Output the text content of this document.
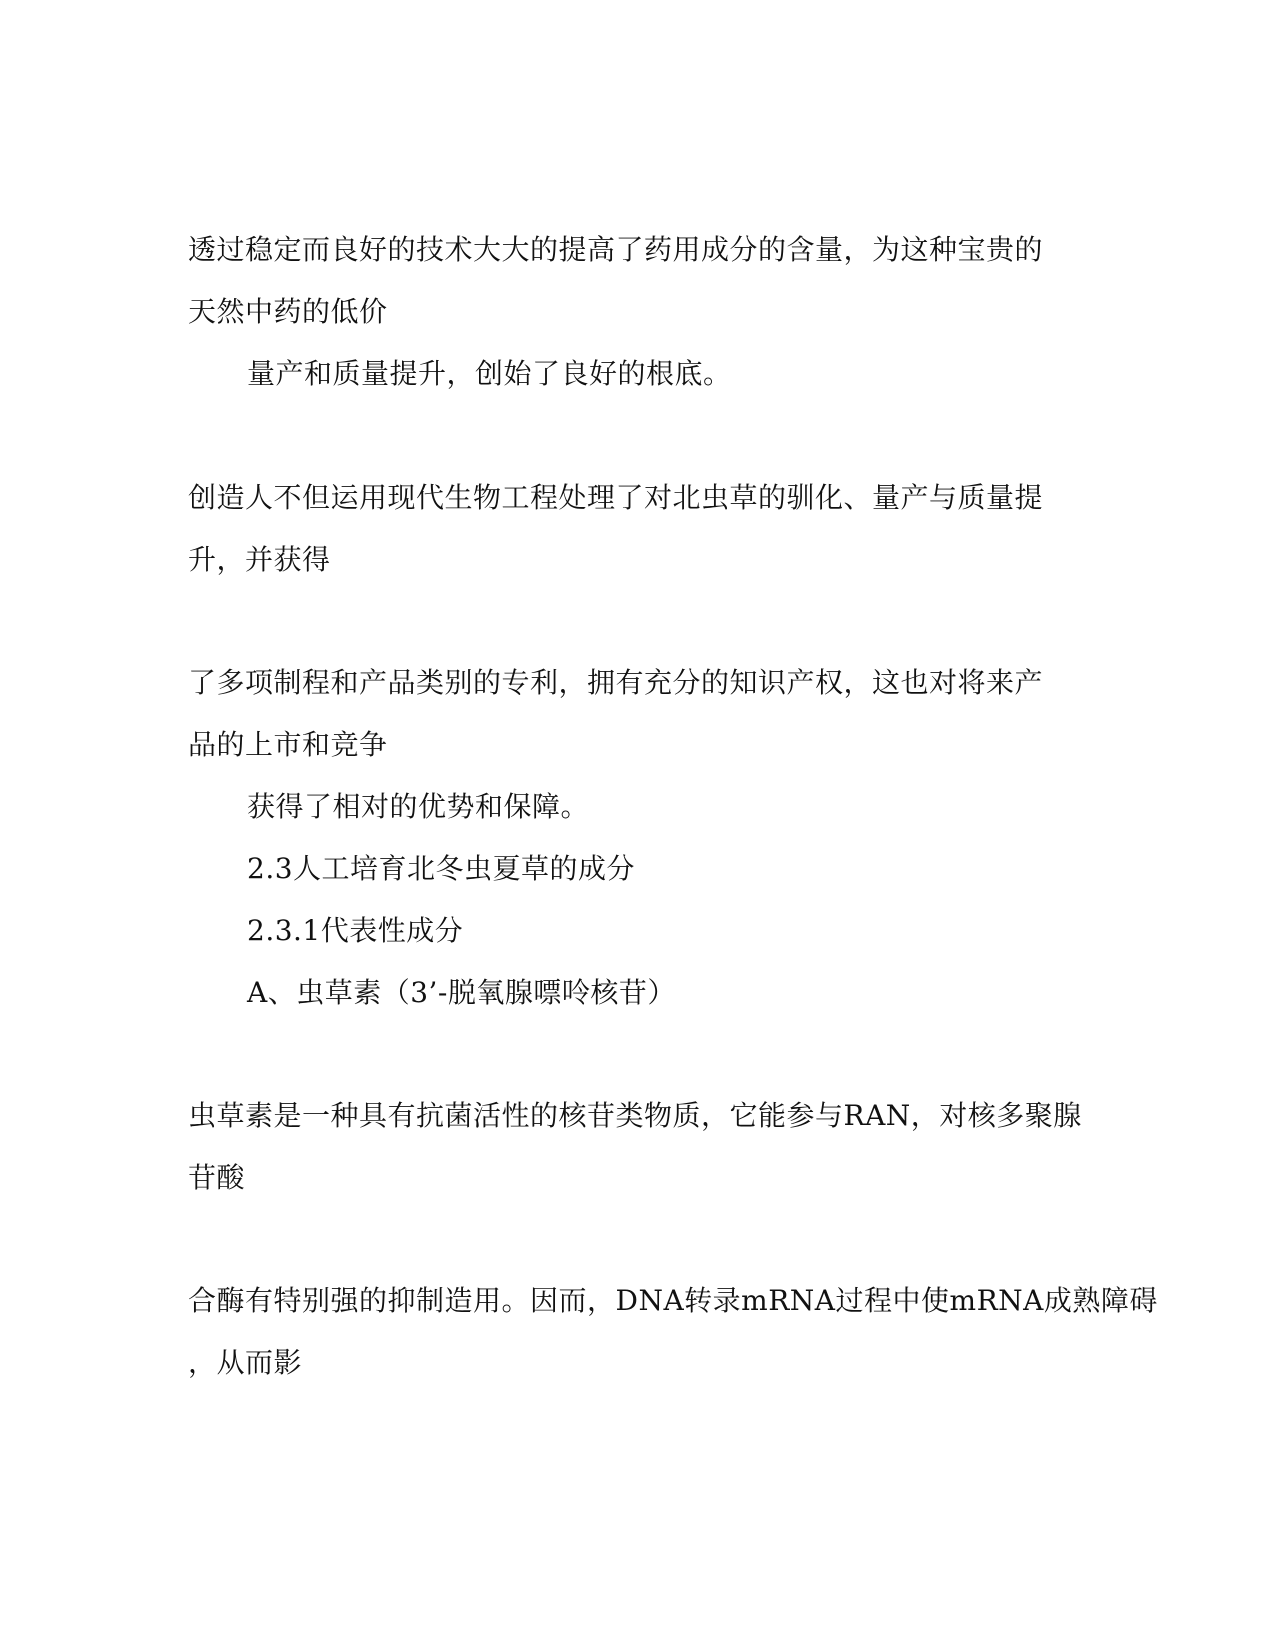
透过稳定而良好的技术大大的提高了药用成分的含量，为这种宝贵的
天然中药的低价
量产和质量提升，创始了良好的根底。
创造人不但运用现代生物工程处理了对北虫草的驯化、量产与质量提
升，并获得
了多项制程和产品类别的专利，拥有充分的知识产权，这也对将来产
品的上市和竞争
获得了相对的优势和保障。
2.3人工培育北冬虫夏草的成分
2.3.1代表性成分
A、虫草素（3’-脱氧腺嘌呤核苷）
虫草素是一种具有抗菌活性的核苷类物质，它能参与RAN，对核多聚腺
苷酸
合酶有特别强的抑制造用。因而，DNA转录mRNA过程中使mRNA成熟障碍
，从而影
